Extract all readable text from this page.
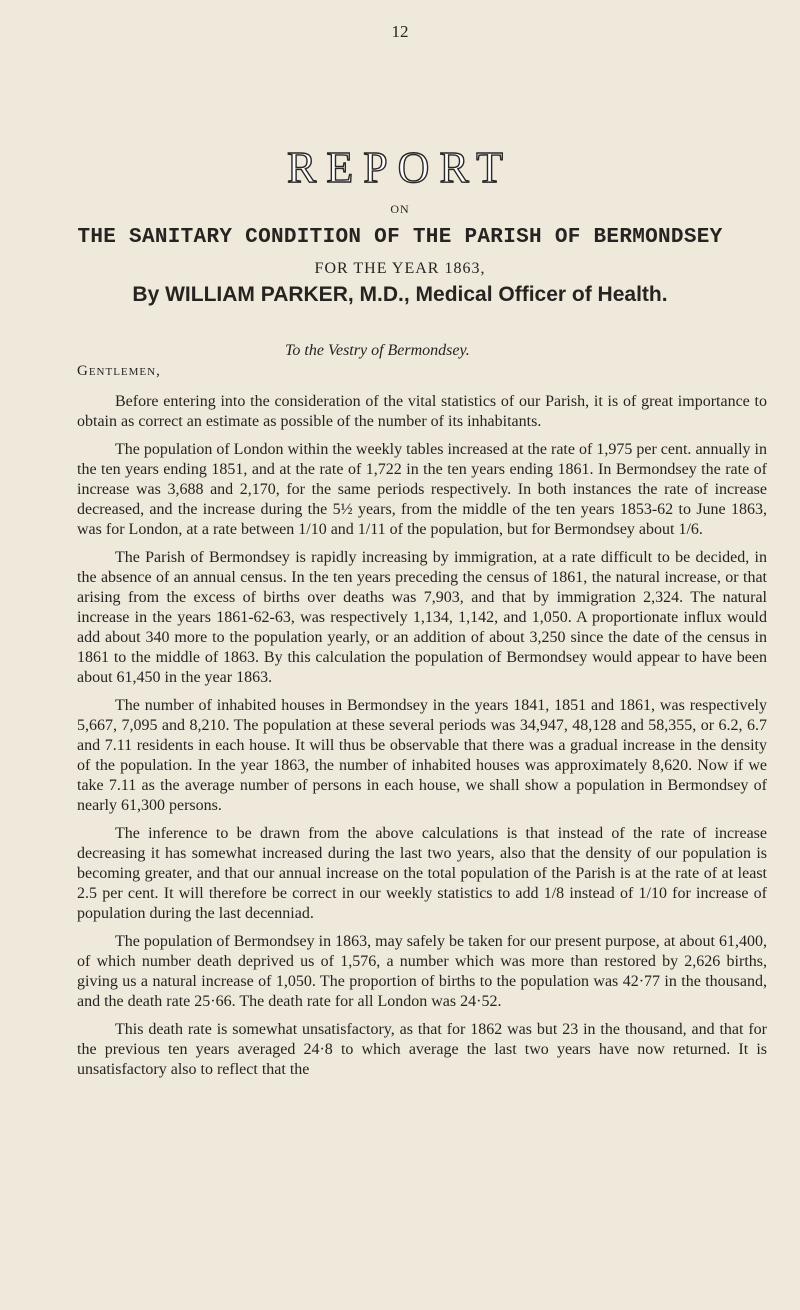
12
REPORT
ON
THE SANITARY CONDITION OF THE PARISH OF BERMONDSEY
FOR THE YEAR 1863,
By WILLIAM PARKER, M.D., Medical Officer of Health.
To the Vestry of Bermondsey.
Gentlemen,

Before entering into the consideration of the vital statistics of our Parish, it is of great importance to obtain as correct an estimate as possible of the number of its inhabitants.

The population of London within the weekly tables increased at the rate of 1,975 per cent. annually in the ten years ending 1851, and at the rate of 1,722 in the ten years ending 1861. In Bermondsey the rate of increase was 3,688 and 2,170, for the same periods respectively. In both instances the rate of increase decreased, and the increase during the 5½ years, from the middle of the ten years 1853-62 to June 1863, was for London, at a rate between 1/10 and 1/11 of the population, but for Bermondsey about 1/6.

The Parish of Bermondsey is rapidly increasing by immigration, at a rate difficult to be decided, in the absence of an annual census. In the ten years preceding the census of 1861, the natural increase, or that arising from the excess of births over deaths was 7,903, and that by immigration 2,324. The natural increase in the years 1861-62-63, was respectively 1,134, 1,142, and 1,050. A proportionate influx would add about 340 more to the population yearly, or an addition of about 3,250 since the date of the census in 1861 to the middle of 1863. By this calculation the population of Bermondsey would appear to have been about 61,450 in the year 1863.

The number of inhabited houses in Bermondsey in the years 1841, 1851 and 1861, was respectively 5,667, 7,095 and 8,210. The population at these several periods was 34,947, 48,128 and 58,355, or 6.2, 6.7 and 7.11 residents in each house. It will thus be observable that there was a gradual increase in the density of the population. In the year 1863, the number of inhabited houses was approximately 8,620. Now if we take 7.11 as the average number of persons in each house, we shall show a population in Bermondsey of nearly 61,300 persons.

The inference to be drawn from the above calculations is that instead of the rate of increase decreasing it has somewhat increased during the last two years, also that the density of our population is becoming greater, and that our annual increase on the total population of the Parish is at the rate of at least 2.5 per cent. It will therefore be correct in our weekly statistics to add 1/8 instead of 1/10 for increase of population during the last decenniad.

The population of Bermondsey in 1863, may safely be taken for our present purpose, at about 61,400, of which number death deprived us of 1,576, a number which was more than restored by 2,626 births, giving us a natural increase of 1,050. The proportion of births to the population was 42·77 in the thousand, and the death rate 25·66. The death rate for all London was 24·52.

This death rate is somewhat unsatisfactory, as that for 1862 was but 23 in the thousand, and that for the previous ten years averaged 24·8 to which average the last two years have now returned. It is unsatisfactory also to reflect that the
